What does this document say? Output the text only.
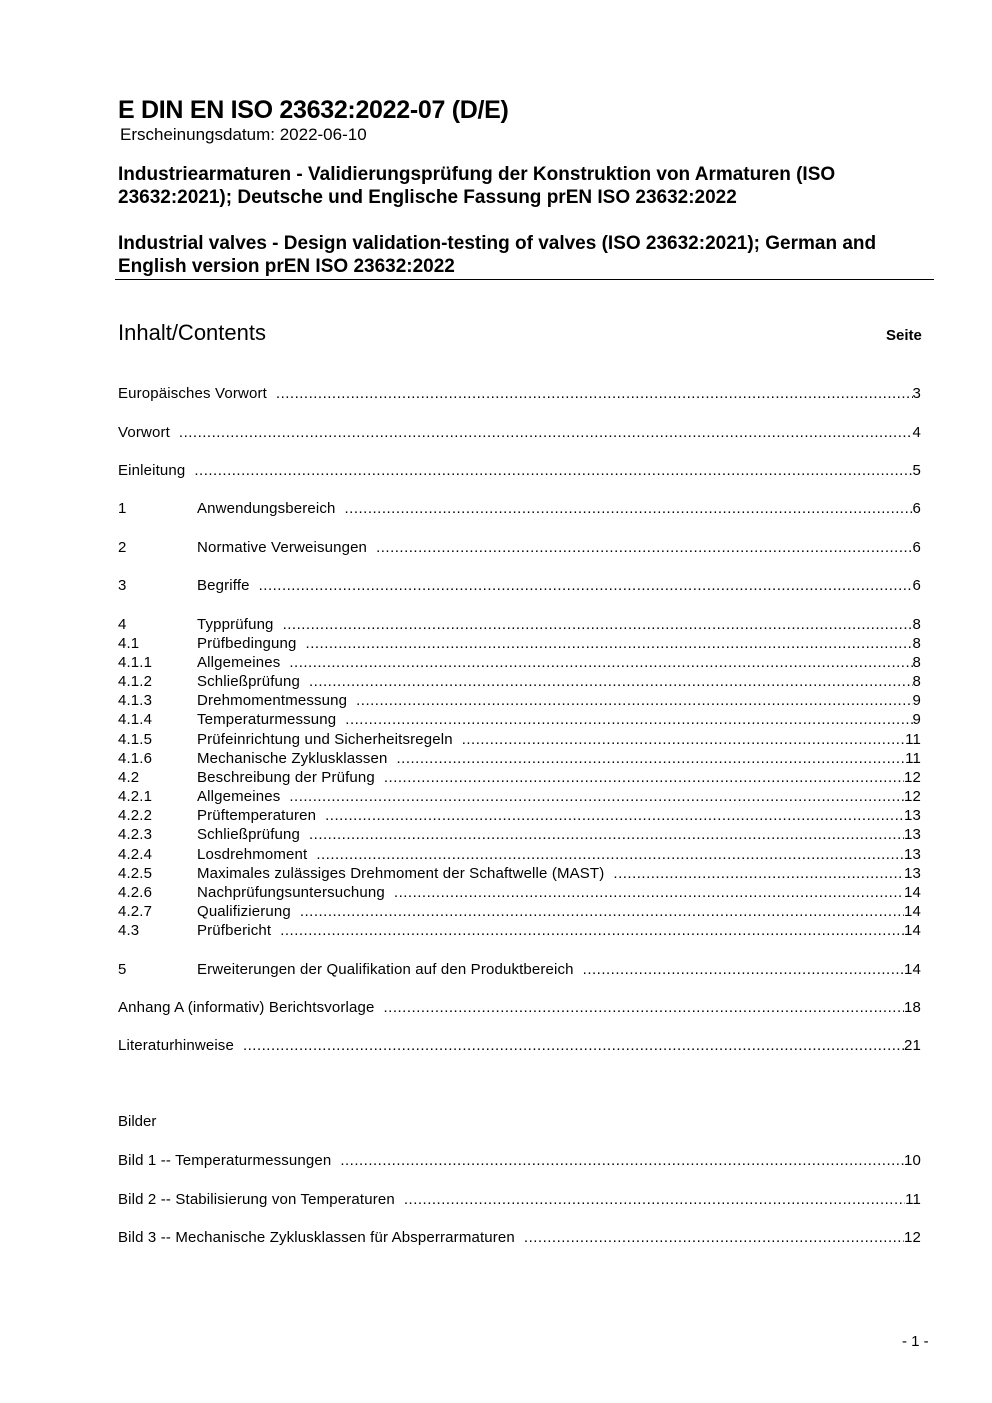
E DIN EN ISO 23632:2022-07 (D/E)
Erscheinungsdatum: 2022-06-10
Industriearmaturen - Validierungsprüfung der Konstruktion von Armaturen (ISO 23632:2021); Deutsche und Englische Fassung prEN ISO 23632:2022
Industrial valves - Design validation-testing of valves (ISO 23632:2021); German and English version prEN ISO 23632:2022
Inhalt/Contents	Seite
Europäisches Vorwort .....	3
Vorwort .....	4
Einleitung .....	5
1	Anwendungsbereich .....	6
2	Normative Verweisungen .....	6
3	Begriffe .....	6
4	Typprüfung .....	8
4.1	Prüfbedingung .....	8
4.1.1	Allgemeines .....	8
4.1.2	Schließprüfung .....	8
4.1.3	Drehmomentmessung .....	9
4.1.4	Temperaturmessung .....	9
4.1.5	Prüfeinrichtung und Sicherheitsregeln .....	11
4.1.6	Mechanische Zyklusklassen .....	11
4.2	Beschreibung der Prüfung .....	12
4.2.1	Allgemeines .....	12
4.2.2	Prüftemperaturen .....	13
4.2.3	Schließprüfung .....	13
4.2.4	Losdrehmoment .....	13
4.2.5	Maximales zulässiges Drehmoment der Schaftwelle (MAST) .....	13
4.2.6	Nachprüfungsuntersuchung .....	14
4.2.7	Qualifizierung .....	14
4.3	Prüfbericht .....	14
5	Erweiterungen der Qualifikation auf den Produktbereich .....	14
Anhang A (informativ) Berichtsvorlage .....	18
Literaturhinweise .....	21
Bilder
Bild 1 -- Temperaturmessungen .....	10
Bild 2 -- Stabilisierung von Temperaturen .....	11
Bild 3 -- Mechanische Zyklusklassen für Absperrarmaturen .....	12
- 1 -
